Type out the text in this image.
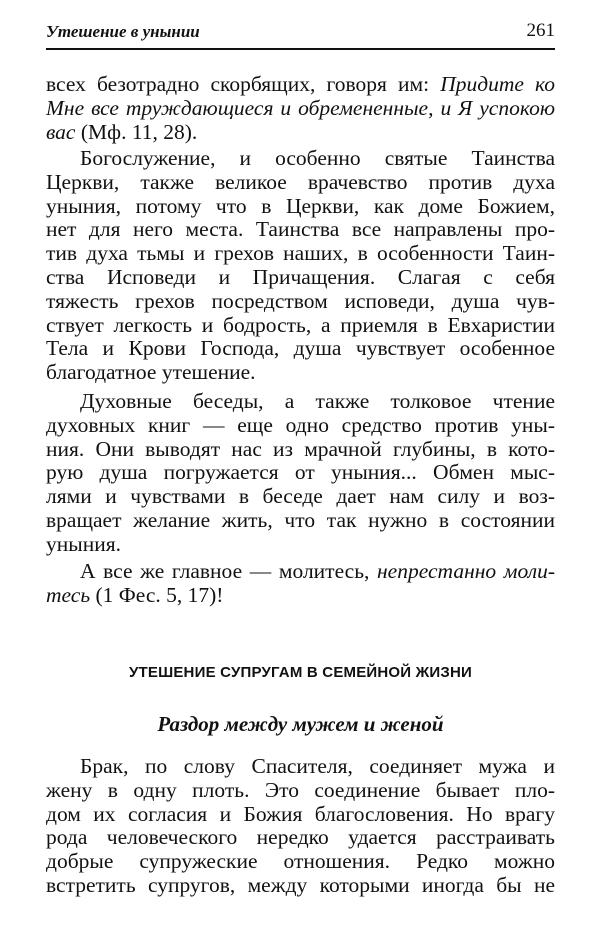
Утешение в унынии	261
всех безотрадно скорбящих, говоря им: Придите ко
Мне все труждающиеся и обремененные, и Я успокою
вас (Мф. 11, 28).
Богослужение, и особенно святые Таинства
Церкви, также великое врачевство против духа
уныния, потому что в Церкви, как доме Божием,
нет для него места. Таинства все направлены про-
тив духа тьмы и грехов наших, в особенности Таин-
ства Исповеди и Причащения. Слагая с себя
тяжесть грехов посредством исповеди, душа чув-
ствует легкость и бодрость, а приемля в Евхаристии
Тела и Крови Господа, душа чувствует особенное
благодатное утешение.
Духовные беседы, а также толковое чтение
духовных книг — еще одно средство против уны-
ния. Они выводят нас из мрачной глубины, в кото-
рую душа погружается от уныния... Обмен мыс-
лями и чувствами в беседе дает нам силу и воз-
вращает желание жить, что так нужно в состоянии
уныния.
А все же главное — молитесь, непрестанно моли-
тесь (1 Фес. 5, 17)!
УТЕШЕНИЕ СУПРУГАМ В СЕМЕЙНОЙ ЖИЗНИ
Раздор между мужем и женой
Брак, по слову Спасителя, соединяет мужа и
жену в одну плоть. Это соединение бывает пло-
дом их согласия и Божия благословения. Но врагу
рода человеческого нередко удается расстраивать
добрые супружеские отношения. Редко можно
встретить супругов, между которыми иногда бы не
